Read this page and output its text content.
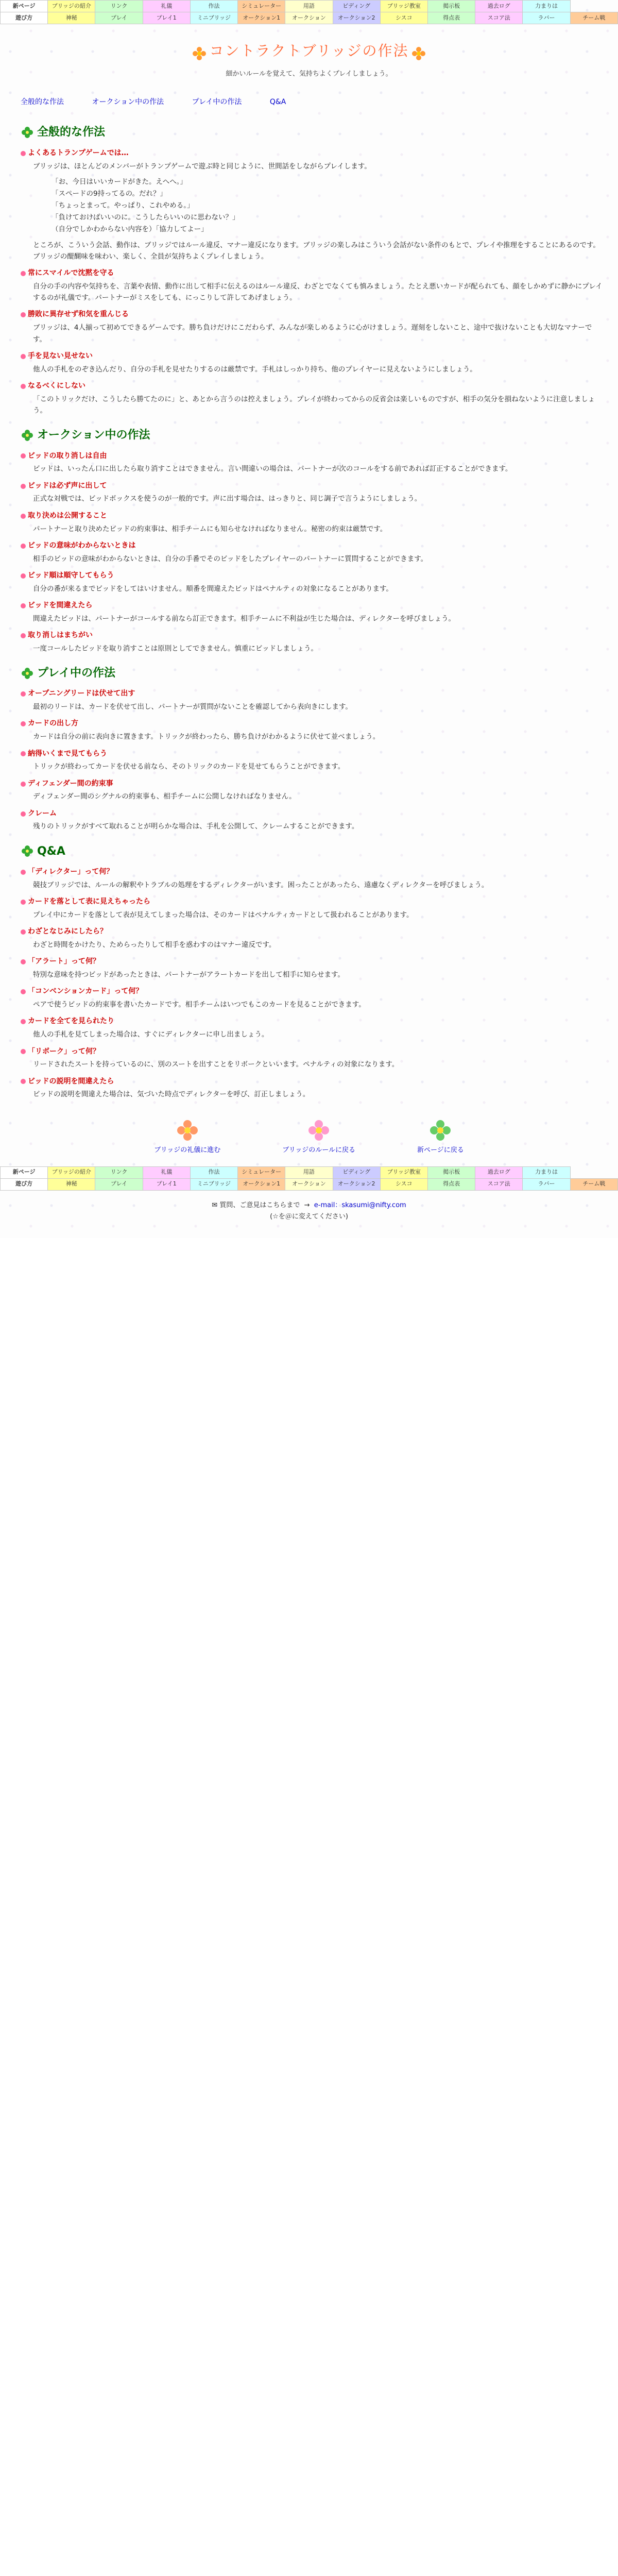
新ページ	ブリッジの紹介	リンク	礼儀	作法	シミュレーター	用語	ビディング	ブリッジ教室	掲示板	過去ログ	力まりは	
遊び方	神秘	プレイ	プレイ1	ミニブリッジ	オークション1	オークション	オークション2	シスコ	得点表	スコア法	ラバー	チーム戦
コントラクトブリッジの作法
細かいルールを覚えて、気持ちよくプレイしましょう。
全般的な作法	オークション中の作法	プレイ中の作法	Q&A
全般的な作法
よくあるトランプゲームでは…
ブリッジは、ほとんどのメンバーがトランプゲームで遊ぶ時と同じように、世間話をしながらプレイします。
「お、今日はいいカードがきた。えへへ。」
「スペードの9持ってるの。だれ？」
「ちょっとまって。やっぱり、これやめる。」
「負けておけばいいのに。こうしたらいいのに思わない？」
（自分でしかわからない内容を）「協力してよー」
ところが、こういう会話、動作は、ブリッジではルール違反、マナー違反になります。ブリッジの楽しみはこういう会話がない条件のもとで、プレイや推理をすることにあるのです。ブリッジの醍醐味を味わい、楽しく、全員が気持ちよくプレイしましょう。
常にスマイルで沈黙を守る
自分の手の内容や気持ちを、言葉や表情、動作に出して相手に伝えるのはルール違反、わざとでなくても慎みましょう。たとえ悪いカードが配られても、顔をしかめずに静かにプレイするのが礼儀です。パートナーがミスをしても、にっこりして許してあげましょう。
勝敗に異存せず和気を重んじる
ブリッジは、4人揃って初めてできるゲームです。勝ち負けだけにこだわらず、みんなが楽しめるように心がけましょう。遅刻をしないこと、途中で抜けないことも大切なマナーです。
手を見ない見せない
他人の手札をのぞき込んだり、自分の手札を見せたりするのは厳禁です。手札はしっかり持ち、他のプレイヤーに見えないようにしましょう。
なるべくにしない
「このトリックだけ、こうしたら勝てたのに」と、あとから言うのは控えましょう。プレイが終わってからの反省会は楽しいものですが、相手の気分を損ねないように注意しましょう。
オークション中の作法
ビッドの取り消しは自由
ビッドは、いったん口に出したら取り消すことはできません。言い間違いの場合は、パートナーが次のコールをする前であれば訂正することができます。
ビッドは必ず声に出して
正式な対戦では、ビッドボックスを使うのが一般的です。声に出す場合は、はっきりと、同じ調子で言うようにしましょう。
取り決めは公開すること
パートナーと取り決めたビッドの約束事は、相手チームにも知らせなければなりません。秘密の約束は厳禁です。
ビッドの意味がわからないときは
相手のビッドの意味がわからないときは、自分の手番でそのビッドをしたプレイヤーのパートナーに質問することができます。
ビッド順は順守してもらう
自分の番が来るまでビッドをしてはいけません。順番を間違えたビッドはペナルティの対象になることがあります。
ビッドを間違えたら
間違えたビッドは、パートナーがコールする前なら訂正できます。相手チームに不利益が生じた場合は、ディレクターを呼びましょう。
取り消しはまちがい
一度コールしたビッドを取り消すことは原則としてできません。慎重にビッドしましょう。
プレイ中の作法
オープニングリードは伏せて出す
最初のリードは、カードを伏せて出し、パートナーが質問がないことを確認してから表向きにします。
カードの出し方
カードは自分の前に表向きに置きます。トリックが終わったら、勝ち負けがわかるように伏せて並べましょう。
納得いくまで見てもらう
トリックが終わってカードを伏せる前なら、そのトリックのカードを見せてもらうことができます。
ディフェンダー間の約束事
ディフェンダー間のシグナルの約束事も、相手チームに公開しなければなりません。
クレーム
残りのトリックがすべて取れることが明らかな場合は、手札を公開して、クレームすることができます。
Q&A
「ディレクター」って何？
競技ブリッジでは、ルールの解釈やトラブルの処理をするディレクターがいます。困ったことがあったら、遠慮なくディレクターを呼びましょう。
カードを落として表に見えちゃったら
プレイ中にカードを落として表が見えてしまった場合は、そのカードはペナルティカードとして扱われることがあります。
わざとなじみにしたら？
わざと時間をかけたり、ためらったりして相手を惑わすのはマナー違反です。
「アラート」って何？
特別な意味を持つビッドがあったときは、パートナーがアラートカードを出して相手に知らせます。
「コンベンションカード」って何？
ペアで使うビッドの約束事を書いたカードです。相手チームはいつでもこのカードを見ることができます。
カードを全てを見られたり
他人の手札を見てしまった場合は、すぐにディレクターに申し出ましょう。
「リボーク」って何？
リードされたスートを持っているのに、別のスートを出すことをリボークといいます。ペナルティの対象になります。
ビッドの説明を間違えたら
ビッドの説明を間違えた場合は、気づいた時点でディレクターを呼び、訂正しましょう。
ブリッジの礼儀に進む	ブリッジのルールに戻る	新ページに戻る
新ページ	ブリッジの紹介	リンク	礼儀	作法	シミュレーター	用語	ビディング	ブリッジ教室	掲示板	過去ログ	力まりは	
遊び方	神秘	プレイ	プレイ1	ミニブリッジ	オークション1	オークション	オークション2	シスコ	得点表	スコア法	ラバー	チーム戦
✉ 質問、ご意見はこちらまで  →  e-mail：skasumi@nifty.com
(☆を＠に変えてください)
